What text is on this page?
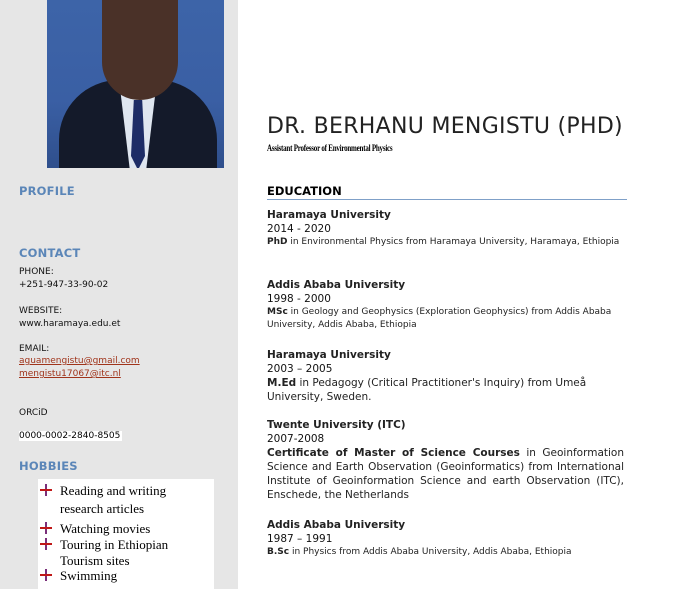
PROFILE
CONTACT
PHONE:
+251-947-33-90-02
WEBSITE:
www.haramaya.edu.et
EMAIL:
aguamengistu@gmail.com
mengistu17067@itc.nl
ORCiD
0000-0002-2840-8505
HOBBIES
Reading and writing
research articles
Watching movies
Touring in Ethiopian
Tourism sites
Swimming
DR. BERHANU MENGISTU (PHD)
Assistant Professor of Environmental Physics
EDUCATION
Haramaya University
2014 - 2020
PhD in Environmental Physics from Haramaya University, Haramaya, Ethiopia
Addis Ababa University
1998 - 2000
MSc in Geology and Geophysics (Exploration Geophysics) from Addis Ababa University, Addis Ababa, Ethiopia
Haramaya University
2003 – 2005
M.Ed in Pedagogy (Critical Practitioner's Inquiry) from Umeå University, Sweden.
Twente University (ITC)
2007-2008
Certificate of Master of Science Courses in Geoinformation Science and Earth Observation (Geoinformatics) from International Institute of Geoinformation Science and earth Observation (ITC), Enschede, the Netherlands
Addis Ababa University
1987 – 1991
B.Sc in Physics from Addis Ababa University, Addis Ababa, Ethiopia
